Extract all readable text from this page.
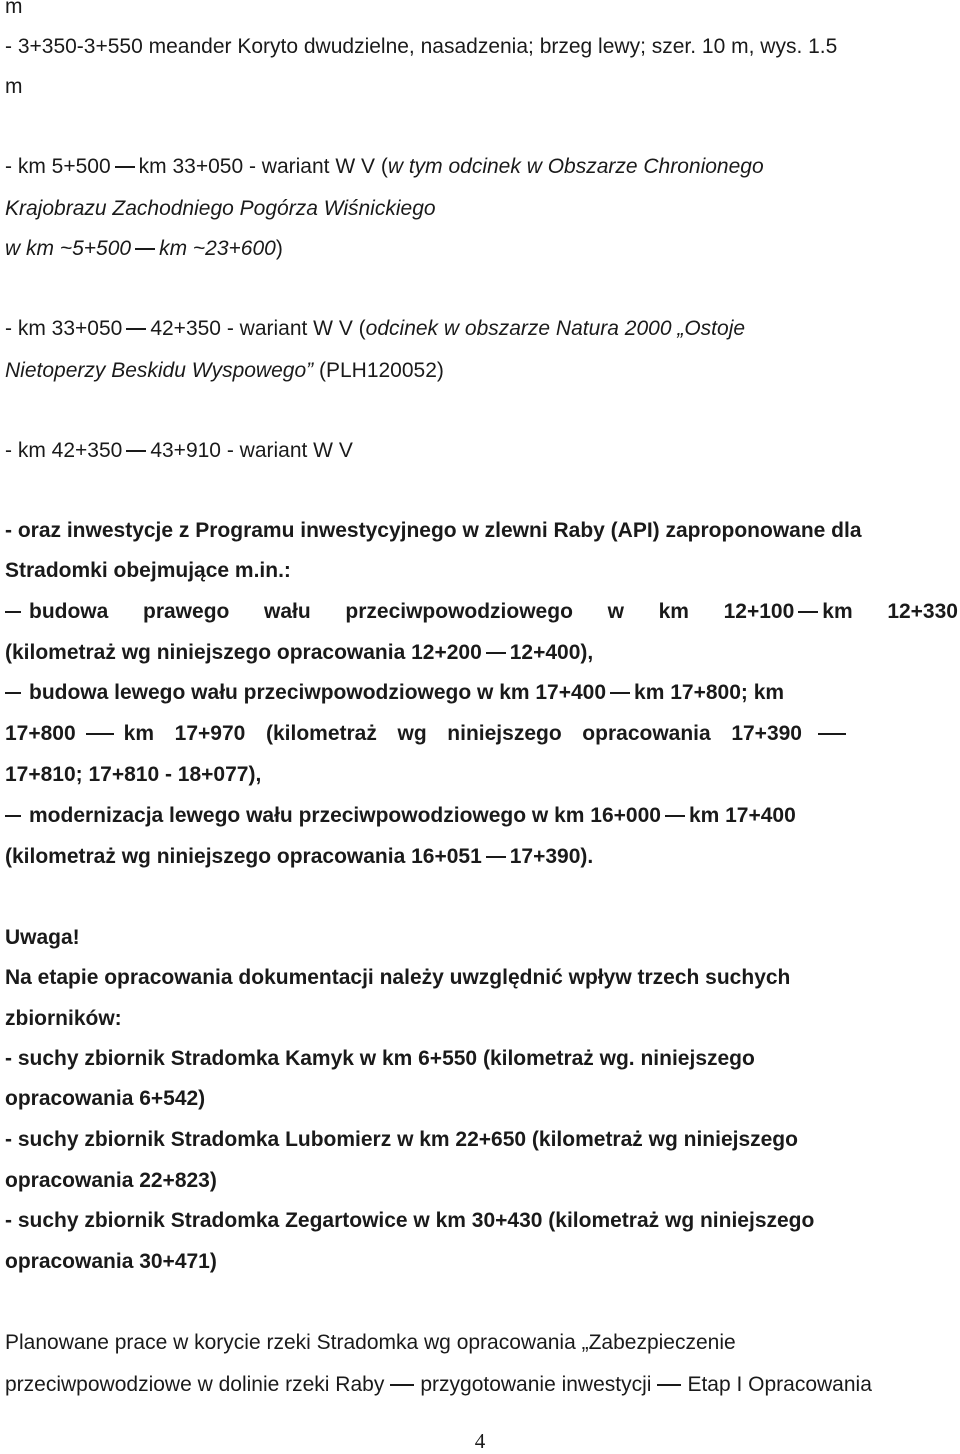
m
- 3+350-3+550 meander Koryto dwudzielne, nasadzenia; brzeg lewy; szer. 10 m, wys. 1.5
m
- km 5+500 km 33+050 - wariant W V (w tym odcinek w Obszarze Chronionego
Krajobrazu Zachodniego Pogórza Wiśnickiego
w km ~5+500 km ~23+600)
- km 33+050 42+350 - wariant W V (odcinek w obszarze Natura 2000 „Ostoje
Nietoperzy Beskidu Wyspowego” (PLH120052)
- km 42+350 43+910 - wariant W V
- oraz inwestycje z Programu inwestycyjnego w zlewni Raby (API) zaproponowane dla
Stradomki obejmujące m.in.:
budowa prawego wału przeciwpowodziowego w km 12+100 km 12+330
(kilometraż wg niniejszego opracowania 12+200 12+400),
budowa lewego wału przeciwpowodziowego w km 17+400 km 17+800; km
17+800 km 17+970 (kilometraż wg niniejszego opracowania 17+390
17+810; 17+810 - 18+077),
modernizacja lewego wału przeciwpowodziowego w km 16+000 km 17+400
(kilometraż wg niniejszego opracowania 16+051 17+390).
Uwaga!
Na etapie opracowania dokumentacji należy uwzględnić wpływ trzech suchych
zbiorników:
- suchy zbiornik Stradomka Kamyk w km 6+550 (kilometraż wg. niniejszego
opracowania 6+542)
- suchy zbiornik Stradomka Lubomierz w km 22+650 (kilometraż wg niniejszego
opracowania 22+823)
- suchy zbiornik Stradomka Zegartowice w km 30+430 (kilometraż wg niniejszego
opracowania 30+471)
Planowane prace w korycie rzeki Stradomka wg opracowania „Zabezpieczenie
przeciwpowodziowe w dolinie rzeki Raby przygotowanie inwestycji Etap I Opracowania
4
